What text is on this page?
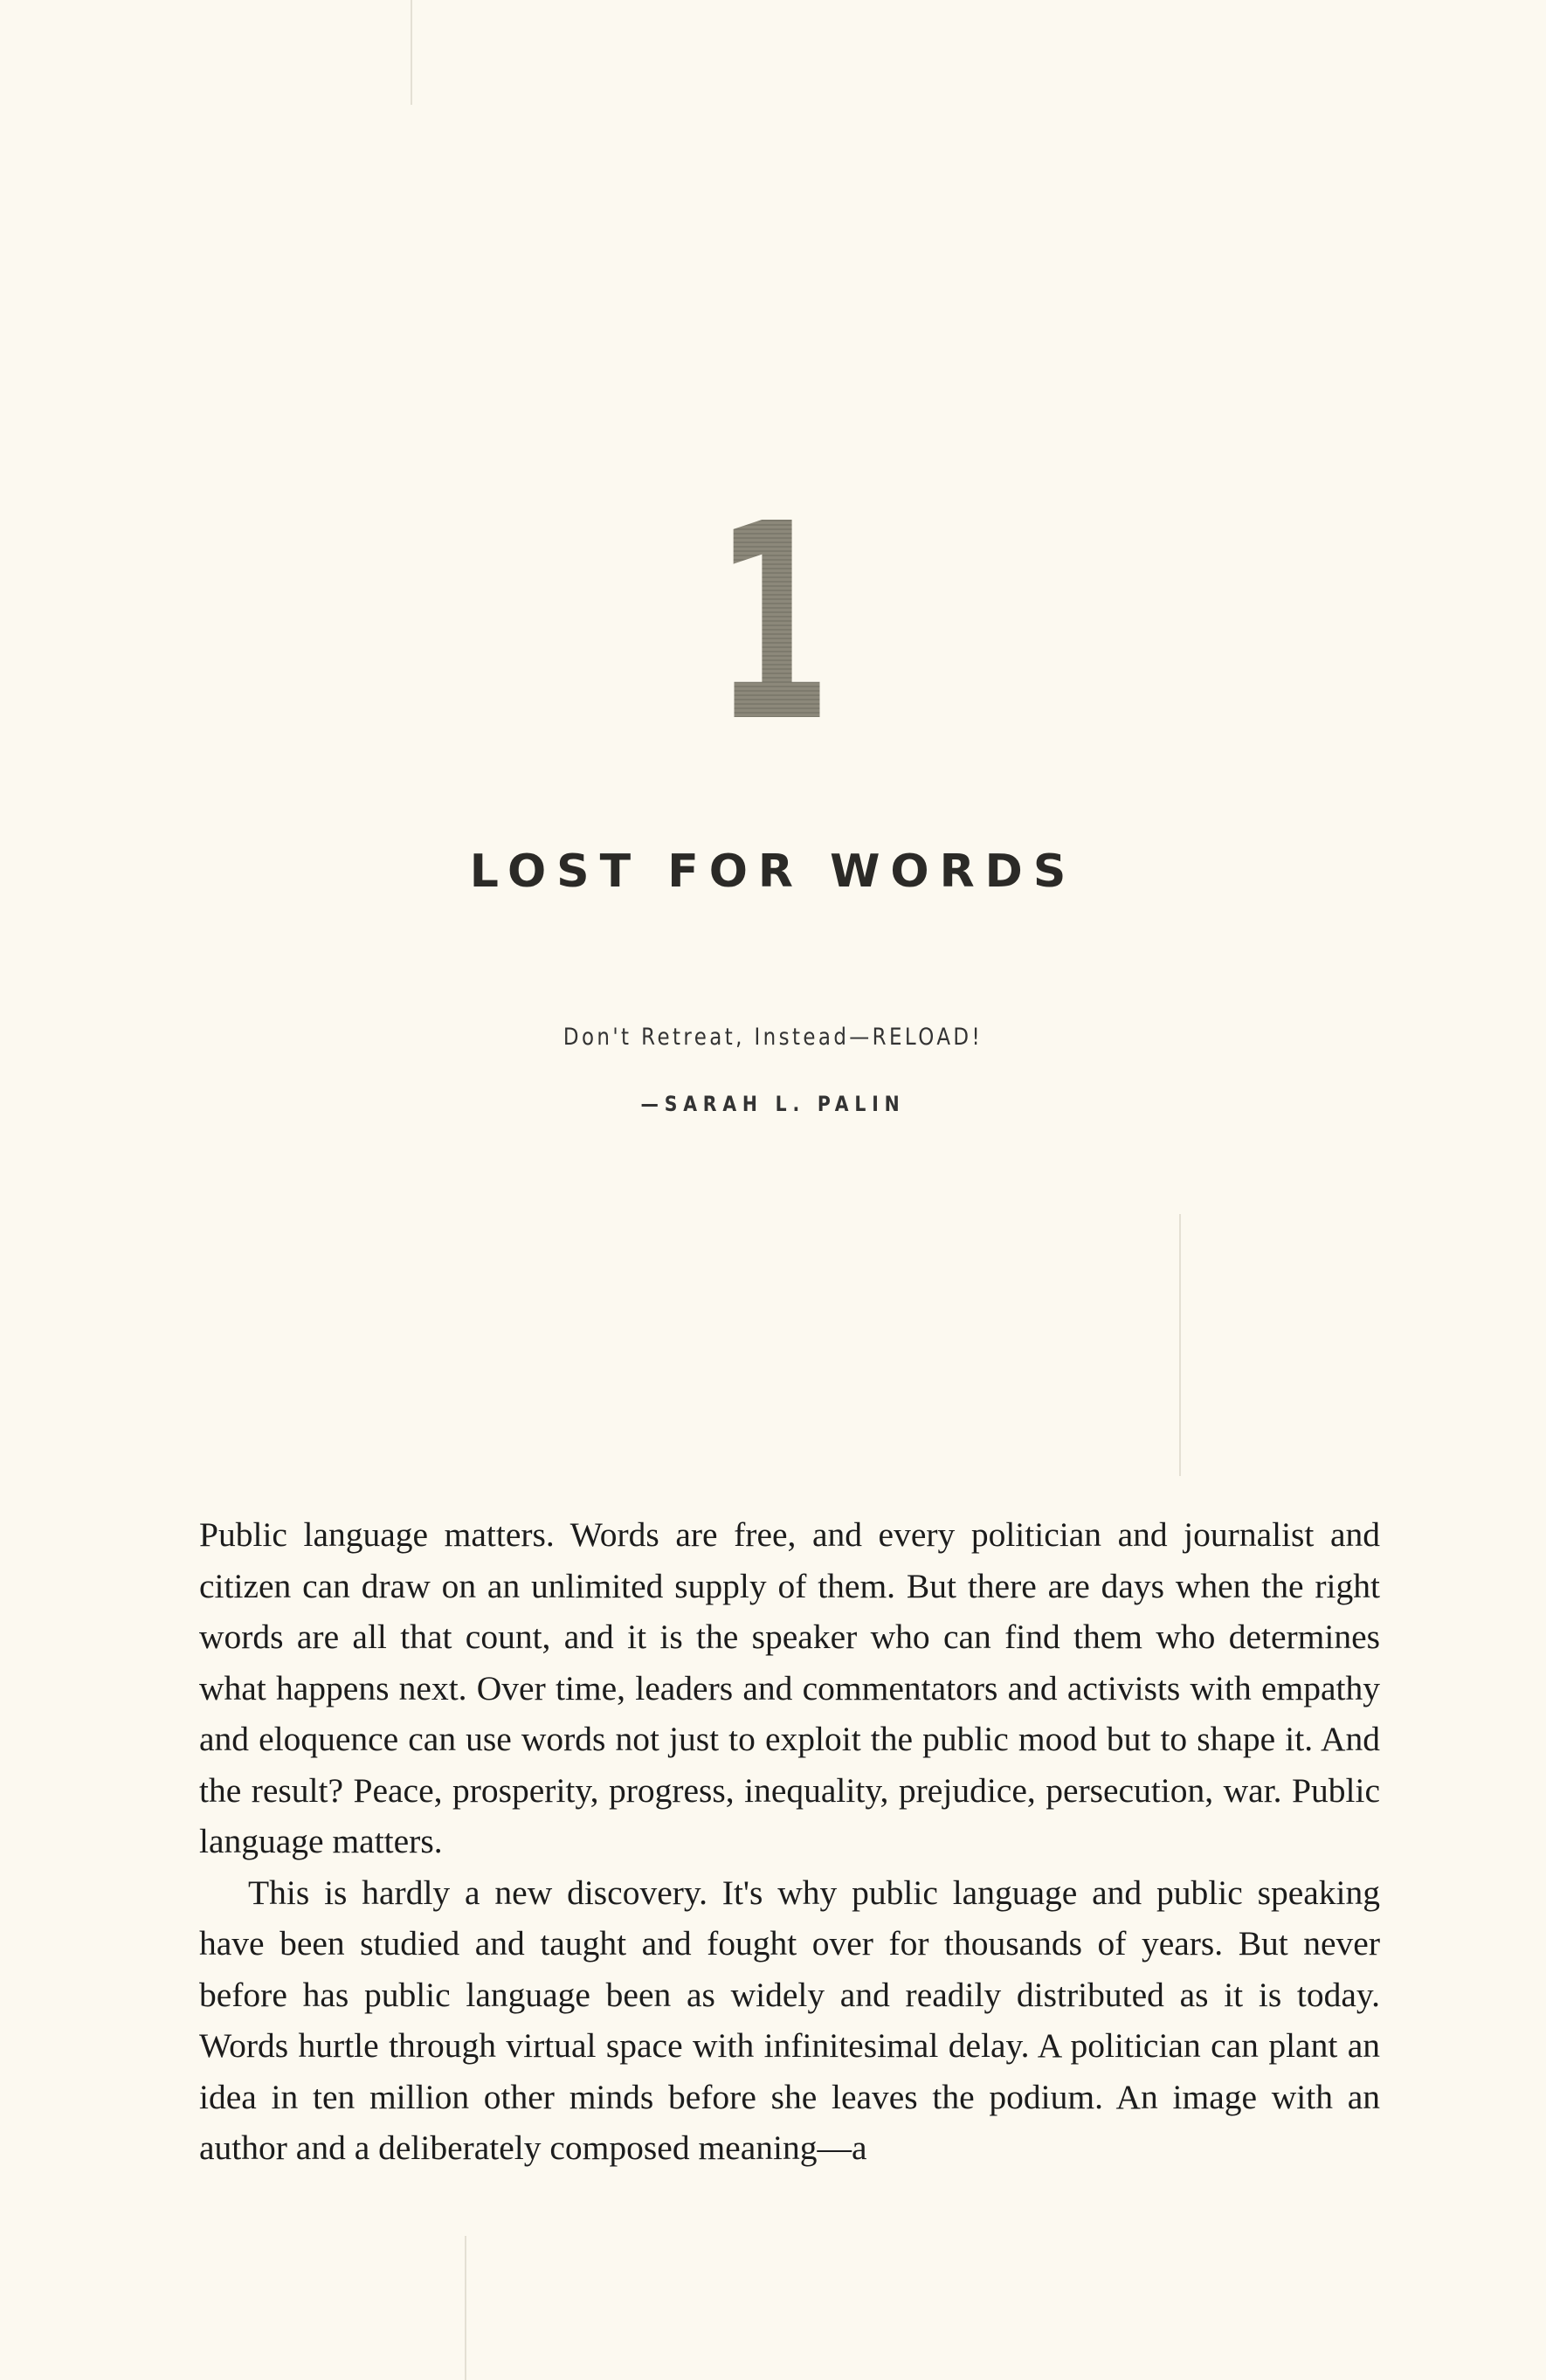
1
LOST FOR WORDS
Don't Retreat, Instead—RELOAD!
—SARAH L. PALIN

Public language matters. Words are free, and every politician and journalist and citizen can draw on an unlimited supply of them. But there are days when the right words are all that count, and it is the speaker who can find them who determines what happens next. Over time, leaders and commentators and activists with empathy and eloquence can use words not just to exploit the public mood but to shape it. And the result? Peace, prosperity, progress, inequality, prejudice, persecution, war. Public language matters.

This is hardly a new discovery. It's why public language and public speaking have been studied and taught and fought over for thousands of years. But never before has public language been as widely and readily distributed as it is today. Words hurtle through virtual space with infinitesimal delay. A politician can plant an idea in ten million other minds before she leaves the podium. An image with an author and a deliberately composed meaning—a
